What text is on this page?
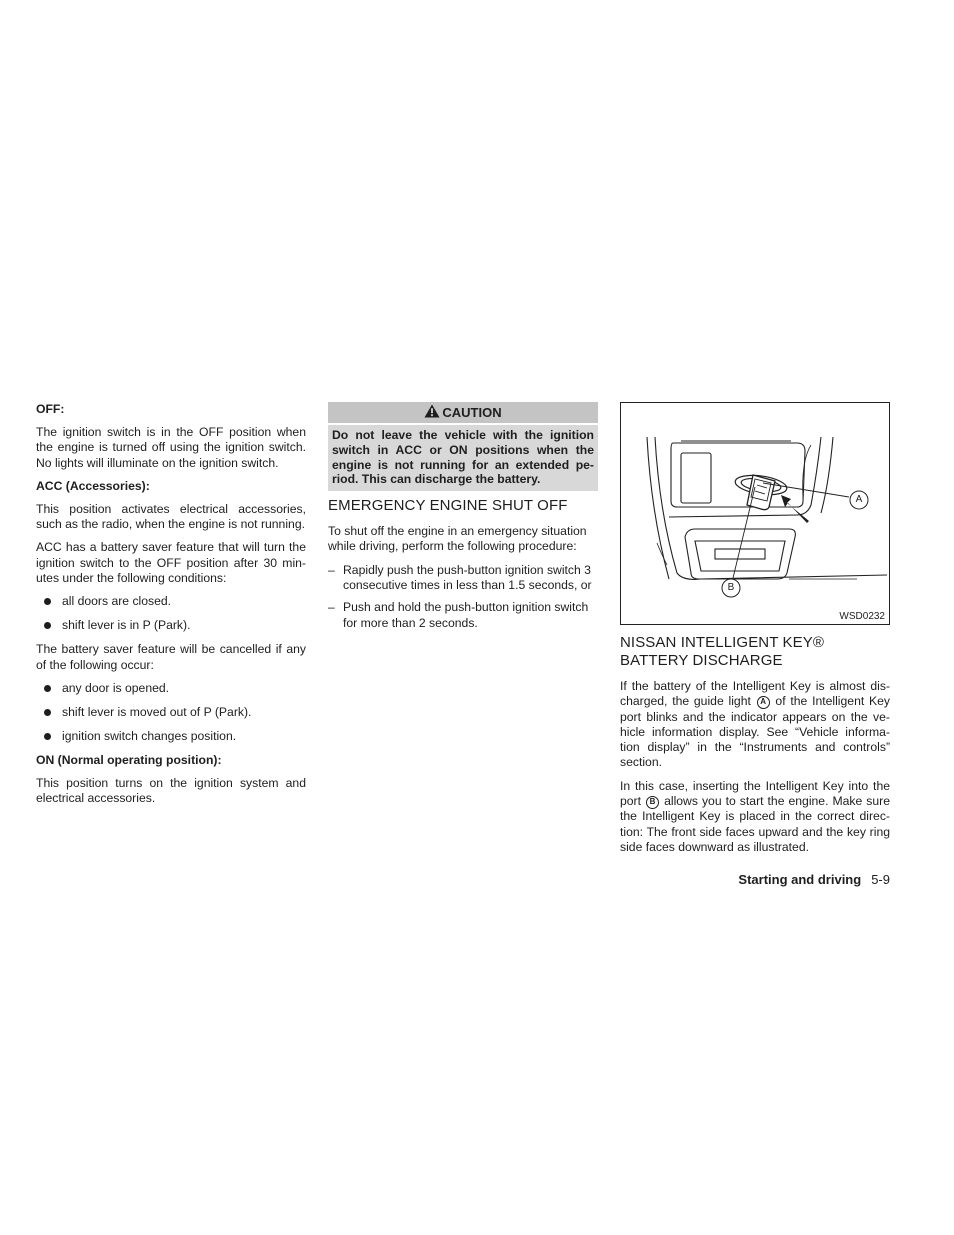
OFF:

The ignition switch is in the OFF position when the engine is turned off using the ignition switch. No lights will illuminate on the ignition switch.

ACC (Accessories):

This position activates electrical accessories, such as the radio, when the engine is not running.

ACC has a battery saver feature that will turn the ignition switch to the OFF position after 30 min-utes under the following conditions:

all doors are closed.
shift lever is in P (Park).

The battery saver feature will be cancelled if any of the following occur:

any door is opened.
shift lever is moved out of P (Park).
ignition switch changes position.
ON (Normal operating position):

This position turns on the ignition system and electrical accessories.

CAUTION
Do not leave the vehicle with the ignition switch in ACC or ON positions when the engine is not running for an extended pe-riod. This can discharge the battery.
EMERGENCY ENGINE SHUT OFF

To shut off the engine in an emergency situation while driving, perform the following procedure:

– Rapidly push the push-button ignition switch 3 consecutive times in less than 1.5 seconds, or
– Push and hold the push-button ignition switch for more than 2 seconds.
A
B
WSD0232
NISSAN INTELLIGENT KEY®
BATTERY DISCHARGE

If the battery of the Intelligent Key is almost dis-charged, the guide light A of the Intelligent Key port blinks and the indicator appears on the ve-hicle information display. See “Vehicle informa-tion display” in the “Instruments and controls” section.

In this case, inserting the Intelligent Key into the port B allows you to start the engine. Make sure the Intelligent Key is placed in the correct direc-tion: The front side faces upward and the key ring side faces downward as illustrated.

Starting and driving 5-9
